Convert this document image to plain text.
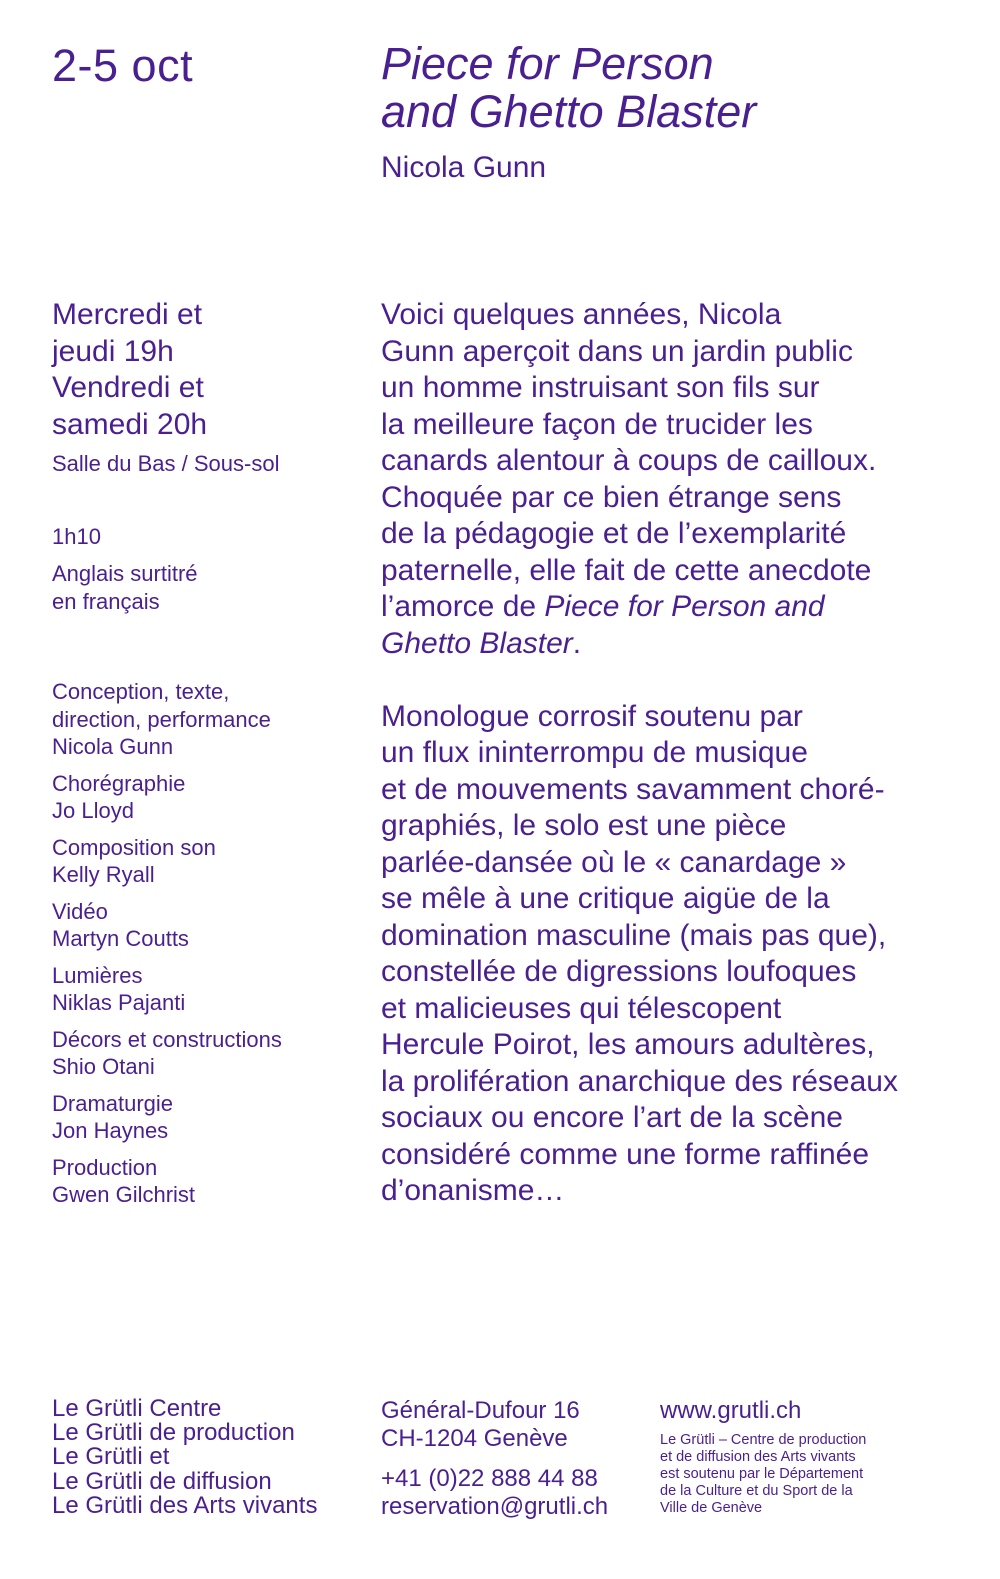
2-5 oct	Piece for Person
and Ghetto Blaster
Nicola Gunn
Mercredi et
jeudi 19h
Vendredi et
samedi 20h
Salle du Bas / Sous-sol
1h10
Anglais surtitré
en français
Conception, texte,
direction, performance
Nicola Gunn
Chorégraphie
Jo Lloyd
Composition son
Kelly Ryall
Vidéo
Martyn Coutts
Lumières
Niklas Pajanti
Décors et constructions
Shio Otani
Dramaturgie
Jon Haynes
Production
Gwen Gilchrist

Voici quelques années, Nicola
Gunn aperçoit dans un jardin public
un homme instruisant son fils sur
la meilleure façon de trucider les
canards alentour à coups de cailloux.
Choquée par ce bien étrange sens
de la pédagogie et de l’exemplarité
paternelle, elle fait de cette anecdote
l’amorce de Piece for Person and
Ghetto Blaster.

Monologue corrosif soutenu par
un flux ininterrompu de musique
et de mouvements savamment choré-
graphiés, le solo est une pièce
parlée-dansée où le « canardage »
se mêle à une critique aigüe de la
domination masculine (mais pas que),
constellée de digressions loufoques
et malicieuses qui télescopent
Hercule Poirot, les amours adultères,
la prolifération anarchique des réseaux
sociaux ou encore l’art de la scène
considéré comme une forme raffinée
d’onanisme…

Le Grütli Centre
Le Grütli de production
Le Grütli et
Le Grütli de diffusion
Le Grütli des Arts vivants
Général-Dufour 16
CH-1204 Genève
+41 (0)22 888 44 88
reservation@grutli.ch
www.grutli.ch
Le Grütli – Centre de production
et de diffusion des Arts vivants
est soutenu par le Département
de la Culture et du Sport de la
Ville de Genève
